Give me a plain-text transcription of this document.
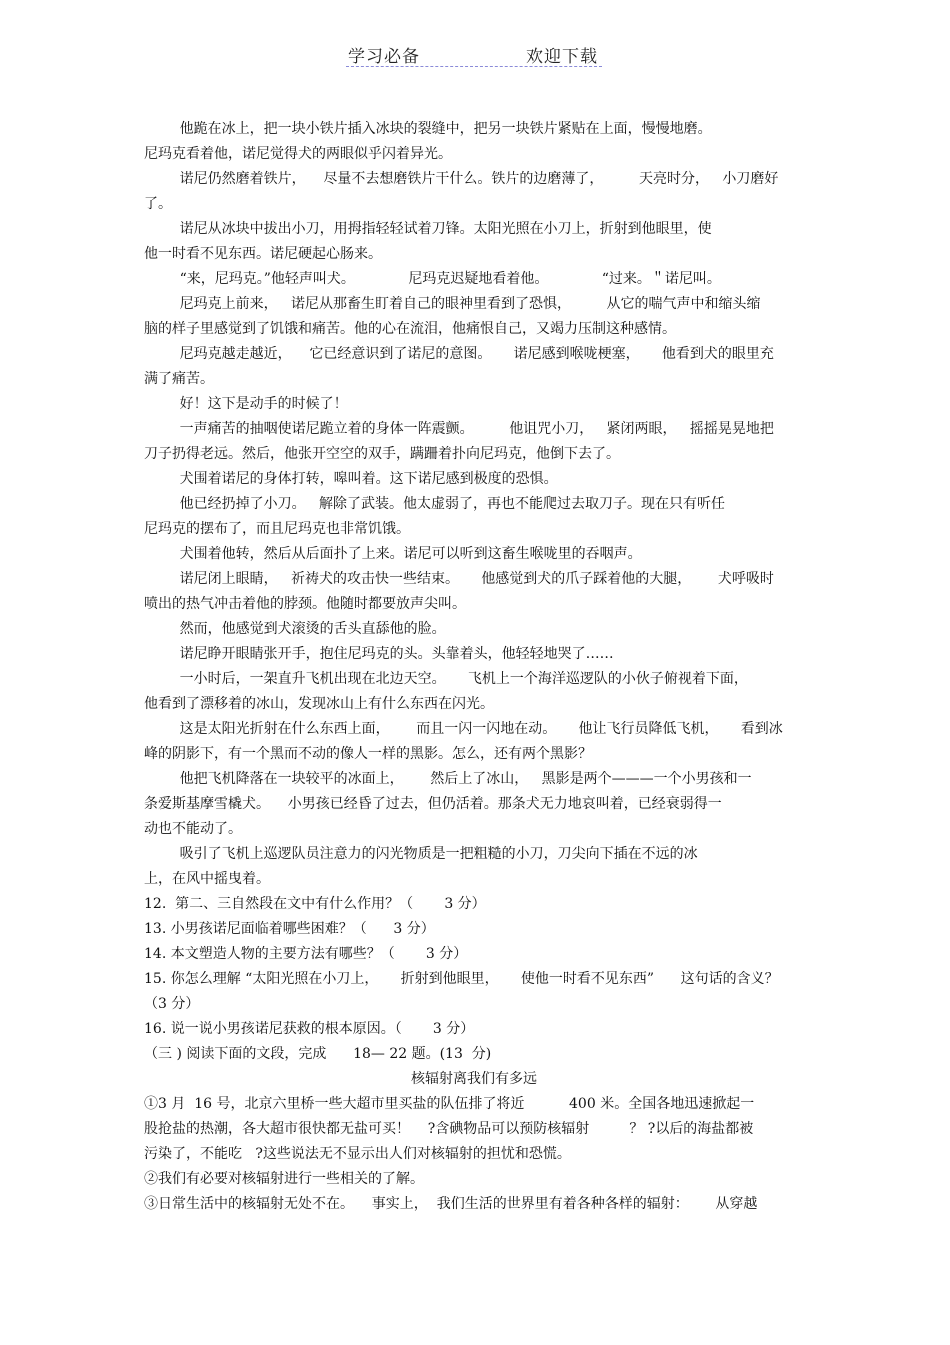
学习必备	欢迎下载
他跪在冰上，把一块小铁片插入冰块的裂缝中，把另一块铁片紧贴在上面，慢慢地磨。
尼玛克看着他，诺尼觉得犬的两眼似乎闪着异光。
诺尼仍然磨着铁片，    尽量不去想磨铁片干什么。铁片的边磨薄了，        天亮时分，   小刀磨好
了。
诺尼从冰块中拔出小刀，用拇指轻轻试着刀锋。太阳光照在小刀上，折射到他眼里，使
他一时看不见东西。诺尼硬起心肠来。
“来，尼玛克。”他轻声叫犬。            尼玛克迟疑地看着他。            “过来。＂诺尼叫。
尼玛克上前来，   诺尼从那畜生盯着自己的眼神里看到了恐惧，        从它的喘气声中和缩头缩
脑的样子里感觉到了饥饿和痛苦。他的心在流泪，他痛恨自己，又竭力压制这种感情。
尼玛克越走越近，    它已经意识到了诺尼的意图。     诺尼感到喉咙梗塞，     他看到犬的眼里充
满了痛苦。
好！这下是动手的时候了！
一声痛苦的抽咽使诺尼跪立着的身体一阵震颤。        他诅咒小刀，   紧闭两眼，   摇摇晃晃地把
刀子扔得老远。然后，他张开空空的双手，蹒跚着扑向尼玛克，他倒下去了。
犬围着诺尼的身体打转，嗥叫着。这下诺尼感到极度的恐惧。
他已经扔掉了小刀。   解除了武装。他太虚弱了，再也不能爬过去取刀子。现在只有听任
尼玛克的摆布了，而且尼玛克也非常饥饿。
犬围着他转，然后从后面扑了上来。诺尼可以听到这畜生喉咙里的吞咽声。
诺尼闭上眼睛，   祈祷犬的攻击快一些结束。     他感觉到犬的爪子踩着他的大腿，      犬呼吸时
喷出的热气冲击着他的脖颈。他随时都要放声尖叫。
然而，他感觉到犬滚烫的舌头直舔他的脸。
诺尼睁开眼睛张开手，抱住尼玛克的头。头靠着头，他轻轻地哭了……
一小时后，一架直升飞机出现在北边天空。     飞机上一个海洋巡逻队的小伙子俯视着下面，
他看到了漂移着的冰山，发现冰山上有什么东西在闪光。
这是太阳光折射在什么东西上面，      而且一闪一闪地在动。     他让飞行员降低飞机，     看到冰
峰的阴影下，有一个黑而不动的像人一样的黑影。怎么，还有两个黑影？
他把飞机降落在一块较平的冰面上，      然后上了冰山，   黑影是两个———一个小男孩和一
条爱斯基摩雪橇犬。    小男孩已经昏了过去，但仍活着。那条犬无力地哀叫着，已经衰弱得一
动也不能动了。
吸引了飞机上巡逻队员注意力的闪光物质是一把粗糙的小刀，刀尖向下插在不远的冰
上，在风中摇曳着。
12.  第二、三自然段在文中有什么作用？（       3 分）
13. 小男孩诺尼面临着哪些困难？（      3 分）
14. 本文塑造人物的主要方法有哪些？（       3 分）
15. 你怎么理解 “太阳光照在小刀上，     折射到他眼里，     使他一时看不见东西”      这句话的含义？
（3 分）
16. 说一说小男孩诺尼获救的根本原因。（       3 分）
（三 ) 阅读下面的文段，完成      18— 22 题。(13  分)
核辐射离我们有多远
①3 月  16 号，北京六里桥一些大超市里买盐的队伍排了将近          400 米。全国各地迅速掀起一
股抢盐的热潮，各大超市很快都无盐可买！    ?含碘物品可以预防核辐射         ？ ?以后的海盐都被
污染了，不能吃   ?这些说法无不显示出人们对核辐射的担忧和恐慌。
②我们有必要对核辐射进行一些相关的了解。
③日常生活中的核辐射无处不在。    事实上，  我们生活的世界里有着各种各样的辐射：      从穿越
